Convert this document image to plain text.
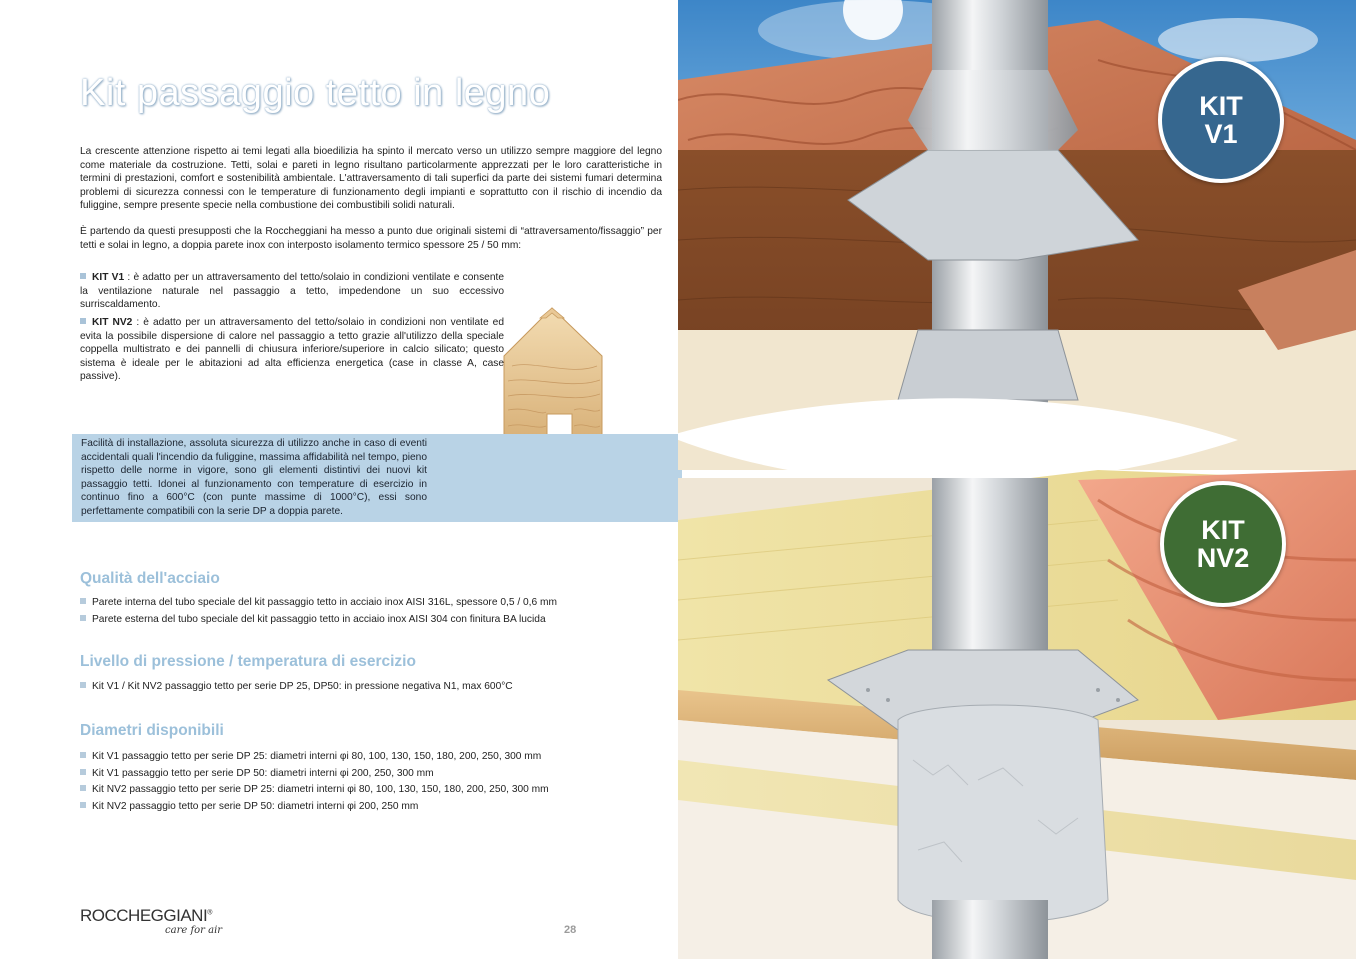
Kit passaggio tetto in legno

La crescente attenzione rispetto ai temi legati alla bioedilizia ha spinto il mercato verso un utilizzo sempre maggiore del legno come materiale da costruzione. Tetti, solai e pareti in legno risultano particolarmente apprezzati per le loro caratteristiche in termini di prestazioni, comfort e sostenibilità ambientale. L'attraversamento di tali superfici da parte dei sistemi fumari determina problemi di sicurezza connessi con le temperature di funzionamento degli impianti e soprattutto con il rischio di incendio da fuliggine, sempre presente specie nella combustione dei combustibili solidi naturali.

È partendo da questi presupposti che la Roccheggiani ha messo a punto due originali sistemi di “attraversamento/fissaggio” per tetti e solai in legno, a doppia parete inox con interposto isolamento termico spessore 25 / 50 mm:

KIT V1 : è adatto per un attraversamento del tetto/solaio in condizioni ventilate e consente la ventilazione naturale nel passaggio a tetto, impedendone un suo eccessivo surriscaldamento.

KIT NV2 : è adatto per un attraversamento del tetto/solaio in condizioni non ventilate ed evita la possibile dispersione di calore nel passaggio a tetto grazie all'utilizzo della speciale coppella multistrato e dei pannelli di chiusura inferiore/superiore in calcio silicato; questo sistema è ideale per le abitazioni ad alta efficienza energetica (case in classe A, case passive).

Facilità di installazione, assoluta sicurezza di utilizzo anche in caso di eventi accidentali quali l'incendio da fuliggine, massima affidabilità nel tempo, pieno rispetto delle norme in vigore, sono gli elementi distintivi dei nuovi kit passaggio tetti. Idonei al funzionamento con temperature di esercizio in continuo fino a 600°C (con punte massime di 1000°C), essi sono perfettamente compatibili con la serie DP a doppia parete.

Qualità dell'acciaio
Parete interna del tubo speciale del kit passaggio tetto in acciaio inox AISI 316L, spessore 0,5 / 0,6 mm
Parete esterna del tubo speciale del kit passaggio tetto in acciaio inox AISI 304 con finitura BA lucida
Livello di pressione / temperatura di esercizio
Kit V1 / Kit NV2 passaggio tetto per serie DP 25, DP50: in pressione negativa N1, max 600°C
Diametri disponibili
Kit V1 passaggio tetto per serie DP 25: diametri interni φi 80, 100, 130, 150, 180, 200, 250, 300 mm
Kit V1 passaggio tetto per serie DP 50: diametri interni φi 200, 250, 300 mm
Kit NV2 passaggio tetto per serie DP 25: diametri interni φi 80, 100, 130, 150, 180, 200, 250, 300 mm
Kit NV2 passaggio tetto per serie DP 50: diametri interni φi 200, 250 mm
ROCCHEGGIANI®
care for air	28
KIT
V1
KIT
NV2
